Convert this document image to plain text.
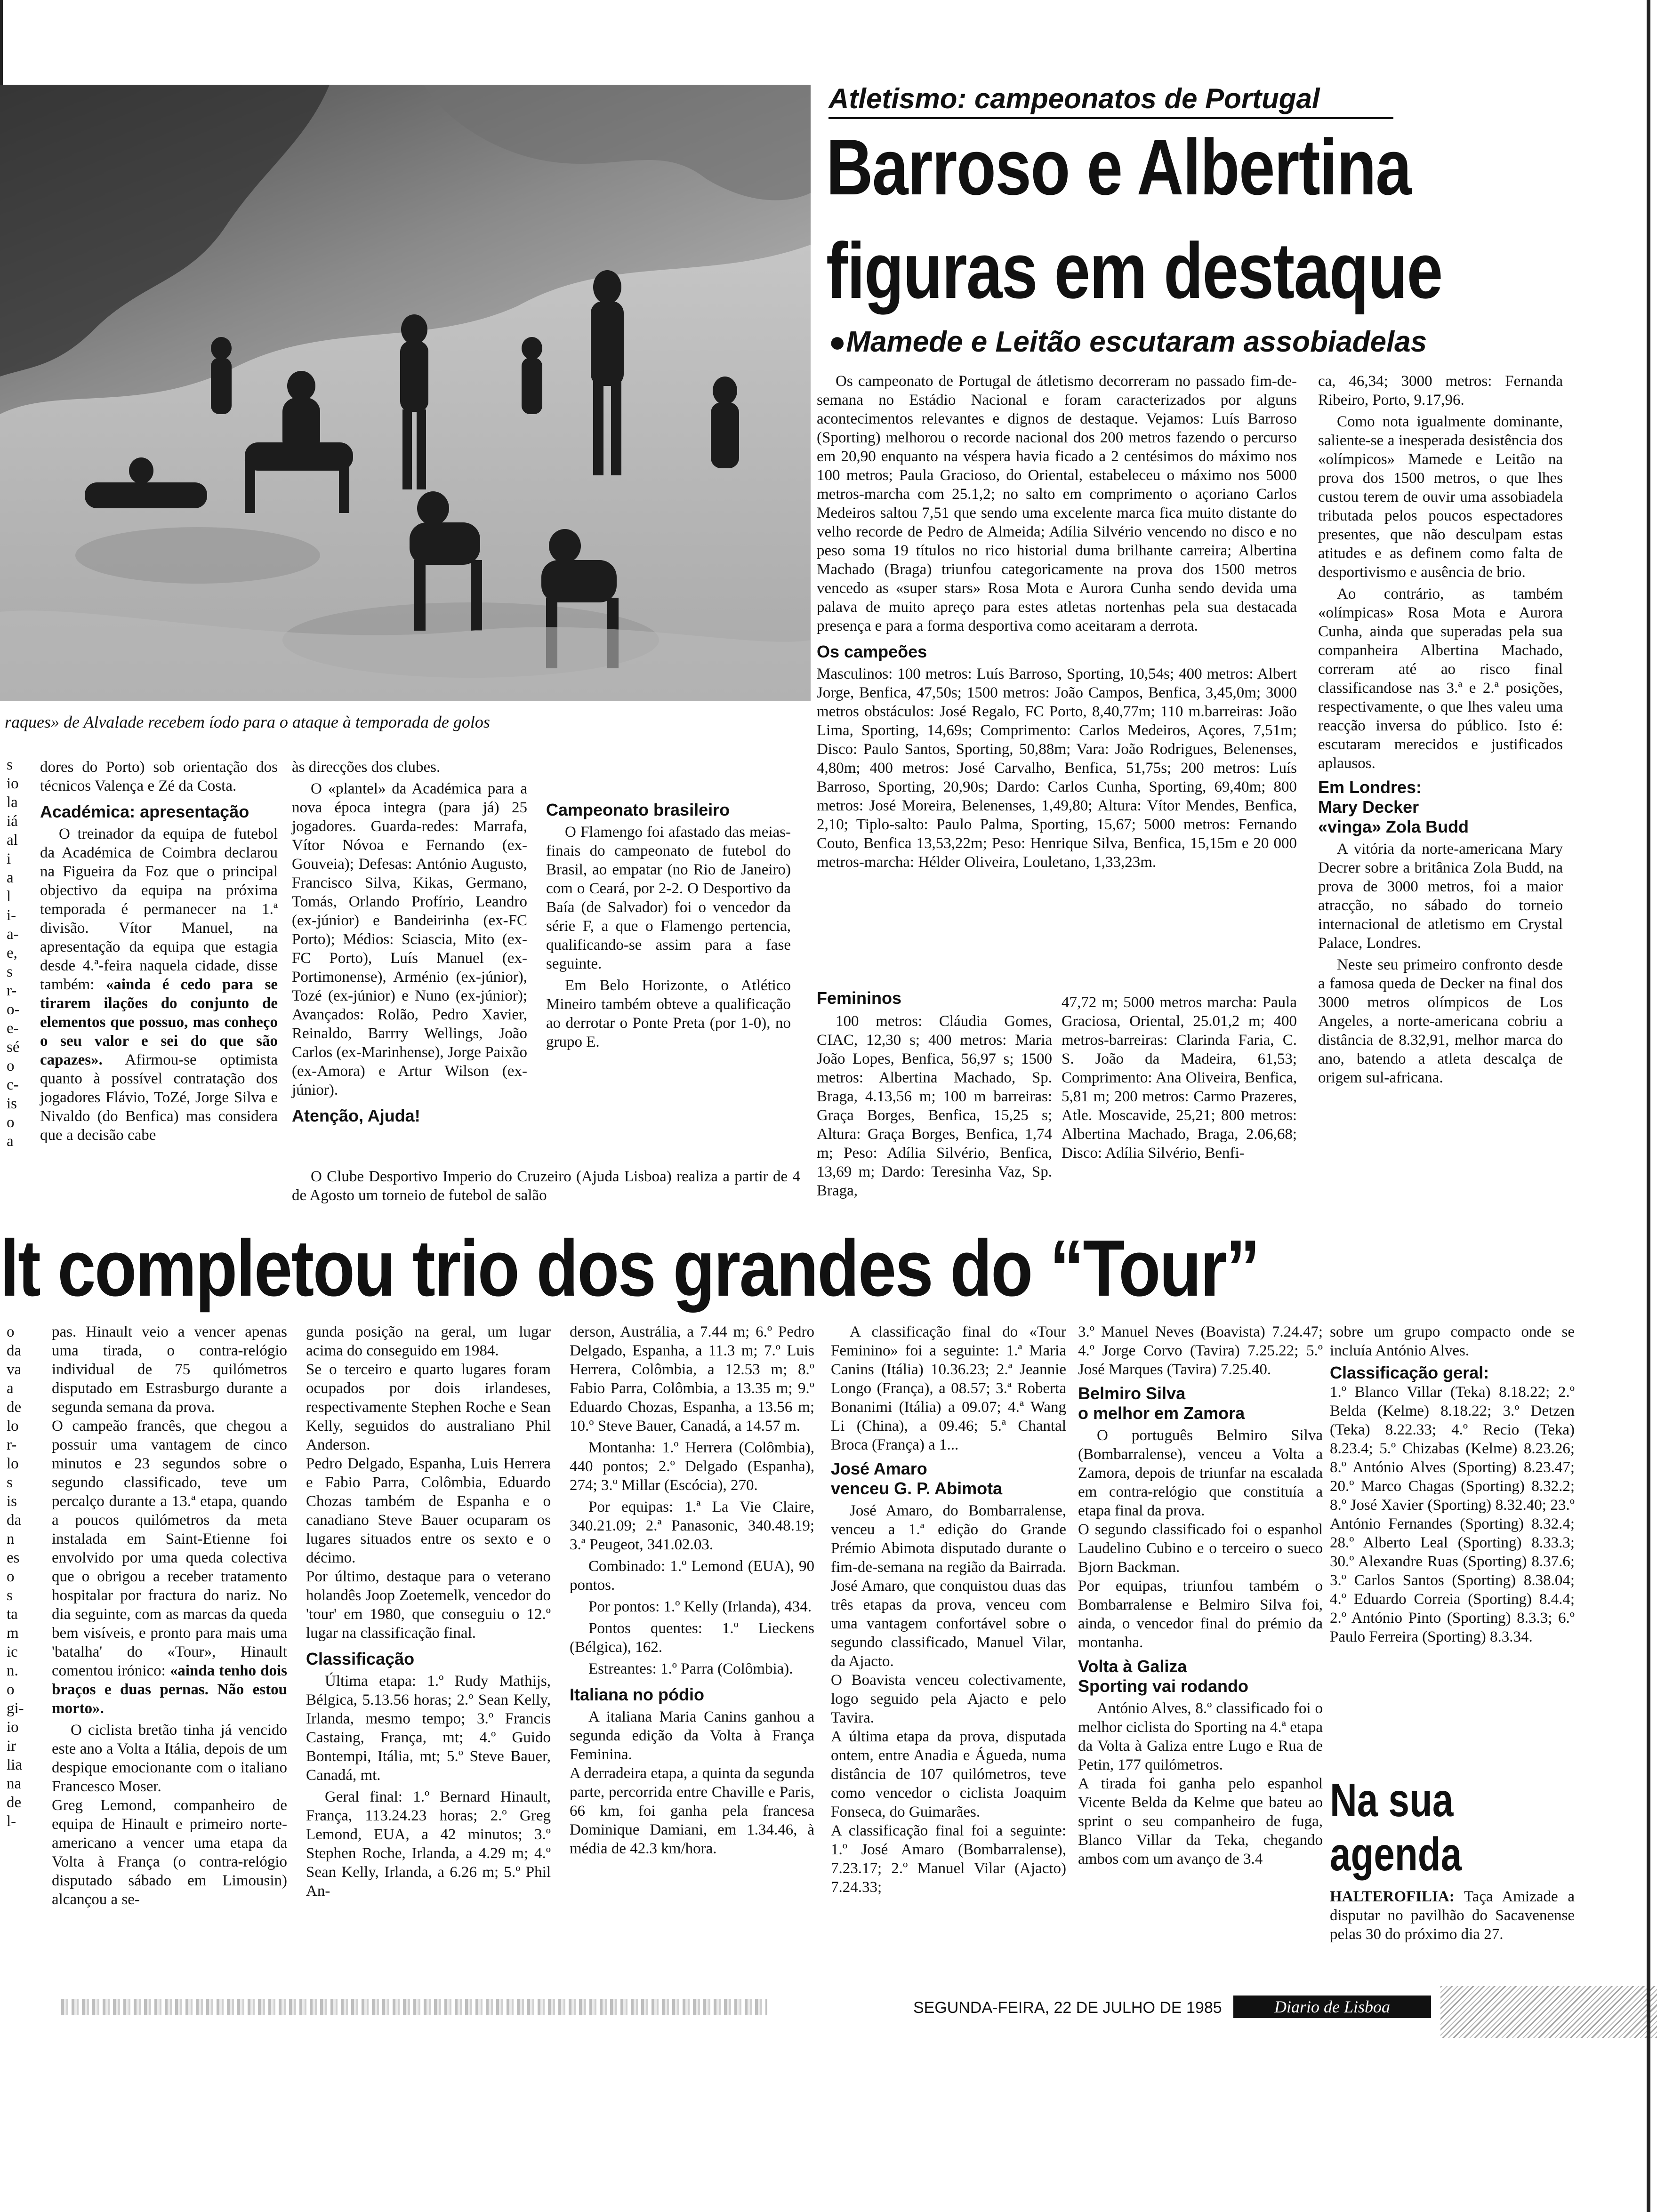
raques» de Alvalade recebem íodo para o ataque à temporada de golos
Atletismo: campeonatos de Portugal
Barroso e Albertina
figuras em destaque
●Mamede e Leitão escutaram assobiadelas

Os campeonato de Portugal de átletismo decorreram no passado fim-de-semana no Estádio Nacional e foram caracterizados por alguns acontecimentos relevantes e dignos de destaque. Vejamos: Luís Barroso (Sporting) melhorou o recorde nacional dos 200 metros fazendo o percurso em 20,90 enquanto na véspera havia ficado a 2 centésimos do máximo nos 100 metros; Paula Gracioso, do Oriental, estabeleceu o máximo nos 5000 metros-marcha com 25.1,2; no salto em comprimento o açoriano Carlos Medeiros saltou 7,51 que sendo uma excelente marca fica muito distante do velho recorde de Pedro de Almeida; Adília Silvério vencendo no disco e no peso soma 19 títulos no rico historial duma brilhante carreira; Albertina Machado (Braga) triunfou categoricamente na prova dos 1500 metros vencedo as «super stars» Rosa Mota e Aurora Cunha sendo devida uma palava de muito apreço para estes atletas nortenhas pela sua destacada presença e para a forma desportiva como aceitaram a derrota.

Os campeões

Masculinos: 100 metros: Luís Barroso, Sporting, 10,54s; 400 metros: Albert Jorge, Benfica, 47,50s; 1500 metros: João Campos, Benfica, 3,45,0m; 3000 metros obstáculos: José Regalo, FC Porto, 8,40,77m; 110 m.barreiras: João Lima, Sporting, 14,69s; Comprimento: Carlos Medeiros, Açores, 7,51m; Disco: Paulo Santos, Sporting, 50,88m; Vara: João Rodrigues, Belenenses, 4,80m; 400 metros: José Carvalho, Benfica, 51,75s; 200 metros: Luís Barroso, Sporting, 20,90s; Dardo: Carlos Cunha, Sporting, 69,40m; 800 metros: José Moreira, Belenenses, 1,49,80; Altura: Vítor Mendes, Benfica, 2,10; Tiplo-salto: Paulo Palma, Sporting, 15,67; 5000 metros: Fernando Couto, Benfica 13,53,22m; Peso: Henrique Silva, Benfica, 15,15m e 20 000 metros-marcha: Hélder Oliveira, Louletano, 1,33,23m.

Femininos

100 metros: Cláudia Gomes, CIAC, 12,30 s; 400 metros: Maria João Lopes, Benfica, 56,97 s; 1500 metros: Albertina Machado, Sp. Braga, 4.13,56 m; 100 m barreiras: Graça Borges, Benfica, 15,25 s; Altura: Graça Borges, Benfica, 1,74 m; Peso: Adília Silvério, Benfica, 13,69 m; Dardo: Teresinha Vaz, Sp. Braga,

47,72 m; 5000 metros marcha: Paula Graciosa, Oriental, 25.01,2 m; 400 metros-barreiras: Clarinda Faria, C. S. João da Madeira, 61,53; Comprimento: Ana Oliveira, Benfica, 5,81 m; 200 metros: Carmo Prazeres, Atle. Moscavide, 25,21; 800 metros: Albertina Machado, Braga, 2.06,68; Disco: Adília Silvério, Benfi-

ca, 46,34; 3000 metros: Fernanda Ribeiro, Porto, 9.17,96.

Como nota igualmente dominante, saliente-se a inesperada desistência dos «olímpicos» Mamede e Leitão na prova dos 1500 metros, o que lhes custou terem de ouvir uma assobiadela tributada pelos poucos espectadores presentes, que não desculpam estas atitudes e as definem como falta de desportivismo e ausência de brio.

Ao contrário, as também «olímpicas» Rosa Mota e Aurora Cunha, ainda que superadas pela sua companheira Albertina Machado, correram até ao risco final classificandose nas 3.ª e 2.ª posições, respectivamente, o que lhes valeu uma reacção inversa do público. Isto é: escutaram merecidos e justificados aplausos.

Em Londres:
Mary Decker
«vinga» Zola Budd

A vitória da norte-americana Mary Decrer sobre a britânica Zola Budd, na prova de 3000 metros, foi a maior atracção, no sábado do torneio internacional de atletismo em Crystal Palace, Londres.

Neste seu primeiro confronto desde a famosa queda de Decker na final dos 3000 metros olímpicos de Los Angeles, a norte-americana cobriu a distância de 8.32,91, melhor marca do ano, batendo a atleta descalça de origem sul-africana.

dores do Porto) sob orientação dos técnicos Valença e Zé da Costa.

Académica: apresentação

O treinador da equipa de futebol da Académica de Coimbra declarou na Figueira da Foz que o principal objectivo da equipa na próxima temporada é permanecer na 1.ª divisão. Vítor Manuel, na apresentação da equipa que estagia desde 4.ª-feira naquela cidade, disse também: «ainda é cedo para se tirarem ilações do conjunto de elementos que possuo, mas conheço o seu valor e sei do que são capazes». Afirmou-se optimista quanto à possível contratação dos jogadores Flávio, ToZé, Jorge Silva e Nivaldo (do Benfica) mas considera que a decisão cabe

às direcções dos clubes.

O «plantel» da Académica para a nova época integra (para já) 25 jogadores. Guarda-redes: Marrafa, Vítor Nóvoa e Fernando (ex-Gouveia); Defesas: António Augusto, Francisco Silva, Kikas, Germano, Tomás, Orlando Profírio, Leandro (ex-júnior) e Bandeirinha (ex-FC Porto); Médios: Sciascia, Mito (ex-FC Porto), Luís Manuel (ex-Portimonense), Arménio (ex-júnior), Tozé (ex-júnior) e Nuno (ex-júnior); Avançados: Rolão, Pedro Xavier, Reinaldo, Barrry Wellings, João Carlos (ex-Marinhense), Jorge Paixão (ex-Amora) e Artur Wilson (ex-júnior).

Atenção, Ajuda!

O Clube Desportivo Imperio do Cruzeiro (Ajuda Lisboa) realiza a partir de 4 de Agosto um torneio de futebol de salão

Campeonato brasileiro

O Flamengo foi afastado das meias-finais do campeonato de futebol do Brasil, ao empatar (no Rio de Janeiro) com o Ceará, por 2-2. O Desportivo da Baía (de Salvador) foi o vencedor da série F, a que o Flamengo pertencia, qualificando-se assim para a fase seguinte.

Em Belo Horizonte, o Atlético Mineiro também obteve a qualificação ao derrotar o Ponte Preta (por 1-0), no grupo E.

lt completou trio dos grandes do “Tour”

pas. Hinault veio a vencer apenas uma tirada, o contra-relógio individual de 75 quilómetros disputado em Estrasburgo durante a segunda semana da prova.
O campeão francês, que chegou a possuir uma vantagem de cinco minutos e 23 segundos sobre o segundo classificado, teve um percalço durante a 13.ª etapa, quando a poucos quilómetros da meta instalada em Saint-Etienne foi envolvido por uma queda colectiva que o obrigou a receber tratamento hospitalar por fractura do nariz. No dia seguinte, com as marcas da queda bem visíveis, e pronto para mais uma 'batalha' do «Tour», Hinault comentou irónico: «ainda tenho dois braços e duas pernas. Não estou morto».

O ciclista bretão tinha já vencido este ano a Volta a Itália, depois de um despique emocionante com o italiano Francesco Moser.
Greg Lemond, companheiro de equipa de Hinault e primeiro norte-americano a vencer uma etapa da Volta à França (o contra-relógio disputado sábado em Limousin) alcançou a se-

gunda posição na geral, um lugar acima do conseguido em 1984.
Se o terceiro e quarto lugares foram ocupados por dois irlandeses, respectivamente Stephen Roche e Sean Kelly, seguidos do australiano Phil Anderson.
Pedro Delgado, Espanha, Luis Herrera e Fabio Parra, Colômbia, Eduardo Chozas também de Espanha e o canadiano Steve Bauer ocuparam os lugares situados entre os sexto e o décimo.
Por último, destaque para o veterano holandês Joop Zoetemelk, vencedor do 'tour' em 1980, que conseguiu o 12.º lugar na classificação final.

Classificação

Última etapa: 1.º Rudy Mathijs, Bélgica, 5.13.56 horas; 2.º Sean Kelly, Irlanda, mesmo tempo; 3.º Francis Castaing, França, mt; 4.º Guido Bontempi, Itália, mt; 5.º Steve Bauer, Canadá, mt.

Geral final: 1.º Bernard Hinault, França, 113.24.23 horas; 2.º Greg Lemond, EUA, a 42 minutos; 3.º Stephen Roche, Irlanda, a 4.29 m; 4.º Sean Kelly, Irlanda, a 6.26 m; 5.º Phil An-

derson, Austrália, a 7.44 m; 6.º Pedro Delgado, Espanha, a 11.3 m; 7.º Luis Herrera, Colômbia, a 12.53 m; 8.º Fabio Parra, Colômbia, a 13.35 m; 9.º Eduardo Chozas, Espanha, a 13.56 m; 10.º Steve Bauer, Canadá, a 14.57 m.

Montanha: 1.º Herrera (Colômbia), 440 pontos; 2.º Delgado (Espanha), 274; 3.º Millar (Escócia), 270.

Por equipas: 1.ª La Vie Claire, 340.21.09; 2.ª Panasonic, 340.48.19; 3.ª Peugeot, 341.02.03.

Combinado: 1.º Lemond (EUA), 90 pontos.

Por pontos: 1.º Kelly (Irlanda), 434.

Pontos quentes: 1.º Lieckens (Bélgica), 162.

Estreantes: 1.º Parra (Colômbia).

Italiana no pódio

A italiana Maria Canins ganhou a segunda edição da Volta à França Feminina.
A derradeira etapa, a quinta da segunda parte, percorrida entre Chaville e Paris, 66 km, foi ganha pela francesa Dominique Damiani, em 1.34.46, à média de 42.3 km/hora.

A classificação final do «Tour Feminino» foi a seguinte: 1.ª Maria Canins (Itália) 10.36.23; 2.ª Jeannie Longo (França), a 08.57; 3.ª Roberta Bonanimi (Itália) a 09.07; 4.ª Wang Li (China), a 09.46; 5.ª Chantal Broca (França) a 1...

José Amaro
venceu G. P. Abimota

José Amaro, do Bombarralense, venceu a 1.ª edição do Grande Prémio Abimota disputado durante o fim-de-semana na região da Bairrada. José Amaro, que conquistou duas das três etapas da prova, venceu com uma vantagem confortável sobre o segundo classificado, Manuel Vilar, da Ajacto.
O Boavista venceu colectivamente, logo seguido pela Ajacto e pelo Tavira.
A última etapa da prova, disputada ontem, entre Anadia e Águeda, numa distância de 107 quilómetros, teve como vencedor o ciclista Joaquim Fonseca, do Guimarães.
A classificação final foi a seguinte: 1.º José Amaro (Bombarralense), 7.23.17; 2.º Manuel Vilar (Ajacto) 7.24.33;

3.º Manuel Neves (Boavista) 7.24.47; 4.º Jorge Corvo (Tavira) 7.25.22; 5.º José Marques (Tavira) 7.25.40.

Belmiro Silva
o melhor em Zamora

O português Belmiro Silva (Bombarralense), venceu a Volta a Zamora, depois de triunfar na escalada em contra-relógio que constituía a etapa final da prova.
O segundo classificado foi o espanhol Laudelino Cubino e o terceiro o sueco Bjorn Backman.
Por equipas, triunfou também o Bombarralense e Belmiro Silva foi, ainda, o vencedor final do prémio da montanha.

Volta à Galiza
Sporting vai rodando

António Alves, 8.º classificado foi o melhor ciclista do Sporting na 4.ª etapa da Volta à Galiza entre Lugo e Rua de Petin, 177 quilómetros.
A tirada foi ganha pelo espanhol Vicente Belda da Kelme que bateu ao sprint o seu companheiro de fuga, Blanco Villar da Teka, chegando ambos com um avanço de 3.4

sobre um grupo compacto onde se incluía António Alves.

Classificação geral:

1.º Blanco Villar (Teka) 8.18.22; 2.º Belda (Kelme) 8.18.22; 3.º Detzen (Teka) 8.22.33; 4.º Recio (Teka) 8.23.4; 5.º Chizabas (Kelme) 8.23.26; 8.º António Alves (Sporting) 8.23.47; 20.º Marco Chagas (Sporting) 8.32.2; 8.º José Xavier (Sporting) 8.32.40; 23.º António Fernandes (Sporting) 8.32.4; 28.º Alberto Leal (Sporting) 8.33.3; 30.º Alexandre Ruas (Sporting) 8.37.6; 3.º Carlos Santos (Sporting) 8.38.04; 4.º Eduardo Correia (Sporting) 8.4.4; 2.º António Pinto (Sporting) 8.3.3; 6.º Paulo Ferreira (Sporting) 8.3.34.

Na sua
agenda

HALTEROFILIA: Taça Amizade a disputar no pavilhão do Sacavenense pelas 30 do próximo dia 27.

SEGUNDA-FEIRA, 22 DE JULHO DE 1985	Diario de Lisboa
s
io
la
iá
al
i
a
l
i-
a-
e,
s
r-
o-
e-
sé
o
c-
is
o
a
o
da
va
a
de
lo
r-
lo
s
is
da
n
es
o
s
ta
m
ic
n.
o
gi-
io
ir
lia
na
de
l-
